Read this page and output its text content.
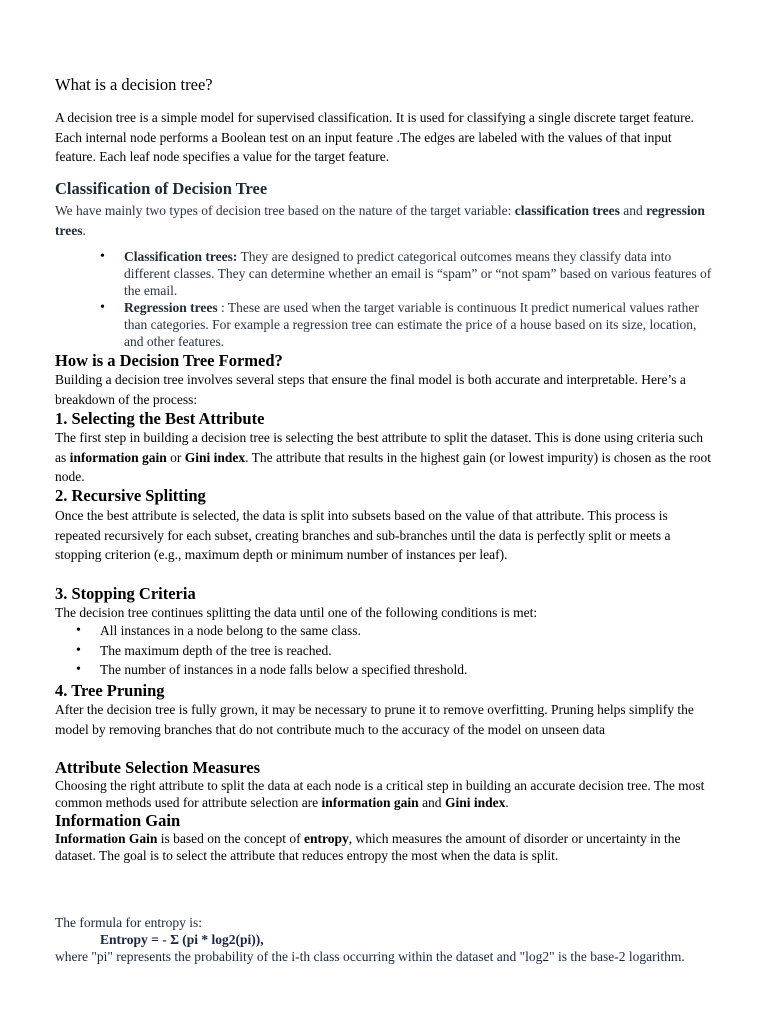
What is a decision tree?

A decision tree is a simple model for supervised classification. It is used for classifying a single discrete target feature. Each internal node performs a Boolean test on an input feature .The edges are labeled with the values of that input feature. Each leaf node specifies a value for the target feature.

Classification of Decision Tree

We have mainly two types of decision tree based on the nature of the target variable: classification trees and regression trees.

• Classification trees: They are designed to predict categorical outcomes means they classify data into different classes. They can determine whether an email is “spam” or “not spam” based on various features of the email.
• Regression trees : These are used when the target variable is continuous It predict numerical values rather than categories. For example a regression tree can estimate the price of a house based on its size, location, and other features.
How is a Decision Tree Formed?

Building a decision tree involves several steps that ensure the final model is both accurate and interpretable. Here’s a breakdown of the process:

1. Selecting the Best Attribute

The first step in building a decision tree is selecting the best attribute to split the dataset. This is done using criteria such as information gain or Gini index. The attribute that results in the highest gain (or lowest impurity) is chosen as the root node.

2. Recursive Splitting

Once the best attribute is selected, the data is split into subsets based on the value of that attribute. This process is repeated recursively for each subset, creating branches and sub-branches until the data is perfectly split or meets a stopping criterion (e.g., maximum depth or minimum number of instances per leaf).

3. Stopping Criteria

The decision tree continues splitting the data until one of the following conditions is met:

• All instances in a node belong to the same class.
• The maximum depth of the tree is reached.
• The number of instances in a node falls below a specified threshold.
4. Tree Pruning

After the decision tree is fully grown, it may be necessary to prune it to remove overfitting. Pruning helps simplify the model by removing branches that do not contribute much to the accuracy of the model on unseen data

Attribute Selection Measures

Choosing the right attribute to split the data at each node is a critical step in building an accurate decision tree. The most common methods used for attribute selection are information gain and Gini index.

Information Gain

Information Gain is based on the concept of entropy, which measures the amount of disorder or uncertainty in the dataset. The goal is to select the attribute that reduces entropy the most when the data is split.

The formula for entropy is:

Entropy = - Σ (pi * log2(pi)),

where "pi" represents the probability of the i-th class occurring within the dataset and "log2" is the base-2 logarithm.
